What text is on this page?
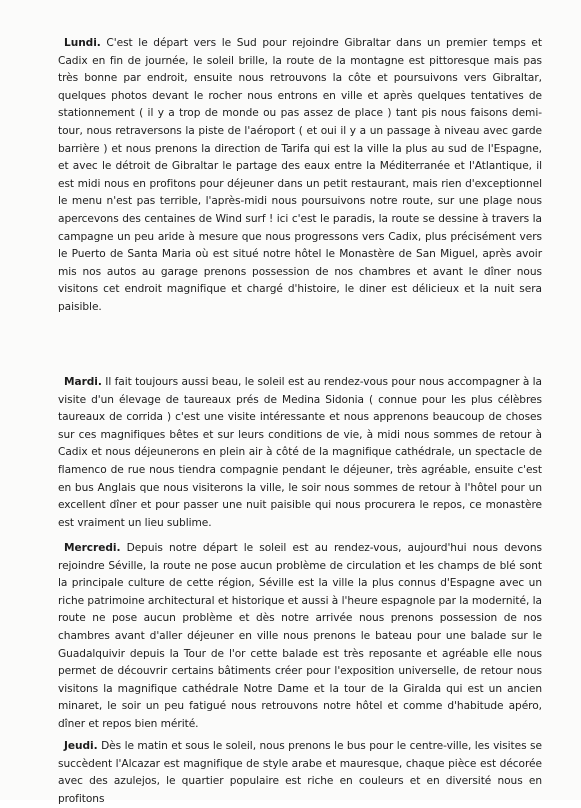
Lundi. C'est le départ vers le Sud pour rejoindre Gibraltar dans un premier temps et Cadix en fin de journée, le soleil brille, la route de la montagne est pittoresque mais pas très bonne par endroit, ensuite nous retrouvons la côte et poursuivons vers Gibraltar, quelques photos devant le rocher nous entrons en ville et après quelques tentatives de stationnement ( il y a trop de monde ou pas assez de place ) tant pis nous faisons demi-tour, nous retraversons la piste de l'aéroport ( et oui il y a un passage à niveau avec garde barrière ) et nous prenons la direction de Tarifa qui est la ville la plus au sud de l'Espagne, et avec le détroit de Gibraltar le partage des eaux entre la Méditerranée et l'Atlantique, il est midi nous en profitons pour déjeuner dans un petit restaurant, mais rien d'exceptionnel le menu n'est pas terrible, l'après-midi nous poursuivons notre route, sur une plage nous apercevons des centaines de Wind surf ! ici c'est le paradis, la route se dessine à travers la campagne un peu aride à mesure que nous progressons vers Cadix, plus précisément vers le Puerto de Santa Maria où est situé notre hôtel le Monastère de San Miguel, après avoir mis nos autos au garage prenons possession de nos chambres et avant le dîner nous visitons cet endroit magnifique et chargé d'histoire, le diner est délicieux et la nuit sera paisible.

Mardi. Il fait toujours aussi beau, le soleil est au rendez-vous pour nous accompagner à la visite d'un élevage de taureaux prés de Medina Sidonia ( connue pour les plus célèbres taureaux de corrida ) c'est une visite intéressante et nous apprenons beaucoup de choses sur ces magnifiques bêtes et sur leurs conditions de vie, à midi nous sommes de retour à Cadix et nous déjeunerons en plein air à côté de la magnifique cathédrale, un spectacle de flamenco de rue nous tiendra compagnie pendant le déjeuner, très agréable, ensuite c'est en bus Anglais que nous visiterons la ville, le soir nous sommes de retour à l'hôtel pour un excellent dîner et pour passer une nuit paisible qui nous procurera le repos, ce monastère est vraiment un lieu sublime.

Mercredi. Depuis notre départ le soleil est au rendez-vous, aujourd'hui nous devons rejoindre Séville, la route ne pose aucun problème de circulation et les champs de blé sont la principale culture de cette région, Séville est la ville la plus connus d'Espagne avec un riche patrimoine architectural et historique et aussi à l'heure espagnole par la modernité, la route ne pose aucun problème et dès notre arrivée nous prenons possession de nos chambres avant d'aller déjeuner en ville nous prenons le bateau pour une balade sur le Guadalquivir depuis la Tour de l'or cette balade est très reposante et agréable elle nous permet de découvrir certains bâtiments créer pour l'exposition universelle, de retour nous visitons la magnifique cathédrale Notre Dame et la tour de la Giralda qui est un ancien minaret, le soir un peu fatigué nous retrouvons notre hôtel et comme d'habitude apéro, dîner et repos bien mérité.

Jeudi. Dès le matin et sous le soleil, nous prenons le bus pour le centre-ville, les visites se succèdent l'Alcazar est magnifique de style arabe et mauresque, chaque pièce est décorée avec des azulejos, le quartier populaire est riche en couleurs et en diversité nous en profitons
